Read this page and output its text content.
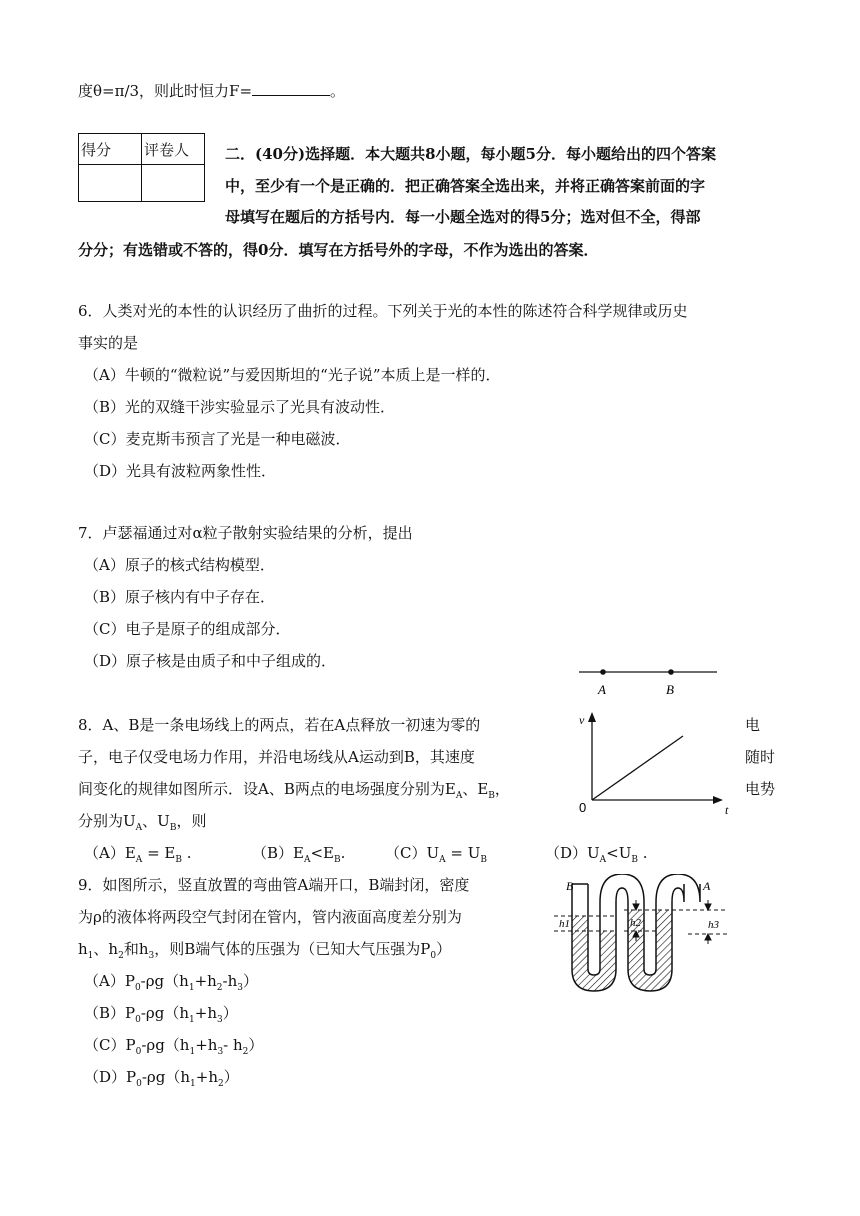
度θ=π/3，则此时恒力F=	。
得分	评卷人
	二．(40分)选择题．本大题共8小题，每小题5分．每小题给出的四个答案
中，至少有一个是正确的．把正确答案全选出来，并将正确答案前面的字
母填写在题后的方括号内．每一小题全选对的得5分；选对但不全，得部
分分；有选错或不答的，得0分．填写在方括号外的字母，不作为选出的答案．
6．人类对光的本性的认识经历了曲折的过程。下列关于光的本性的陈述符合科学规律或历史
事实的是
（A）牛顿的“微粒说”与爱因斯坦的“光子说”本质上是一样的．
（B）光的双缝干涉实验显示了光具有波动性．
（C）麦克斯韦预言了光是一种电磁波．
（D）光具有波粒两象性性．
7．卢瑟福通过对α粒子散射实验结果的分析，提出
（A）原子的核式结构模型．
（B）原子核内有中子存在．
（C）电子是原子的组成部分．
（D）原子核是由质子和中子组成的．
A	B
v
t
0
8．A、B是一条电场线上的两点，若在A点释放一初速为零的	电
子，电子仅受电场力作用，并沿电场线从A运动到B，其速度	随时
间变化的规律如图所示．设A、B两点的电场强度分别为$E_A$、$E_B$，	电势
分别为$U_A$、$U_B$，则
$(A)E_A = E_B$ .	$(B)E_A<E_B$.	$(C)U_A = U_B$	$(D)U_A<U_B$ .
B	A
h1	h2	h3
9．如图所示，竖直放置的弯曲管A端开口，B端封闭，密度
为ρ的液体将两段空气封闭在管内，管内液面高度差分别为
$h_1$、$h_2$和$h_3$，则B端气体的压强为（已知大气压强为$P_0$）
$(A)P_0-\rho g(h_1+h_2-h_3)$
$(B)P_0-\rho g(h_1+h_3)$
$(C)P_0-\rho g(h_1+h_3-$ $h_2$）
$(D)P_0-\rho g(h_1+h_2)$
